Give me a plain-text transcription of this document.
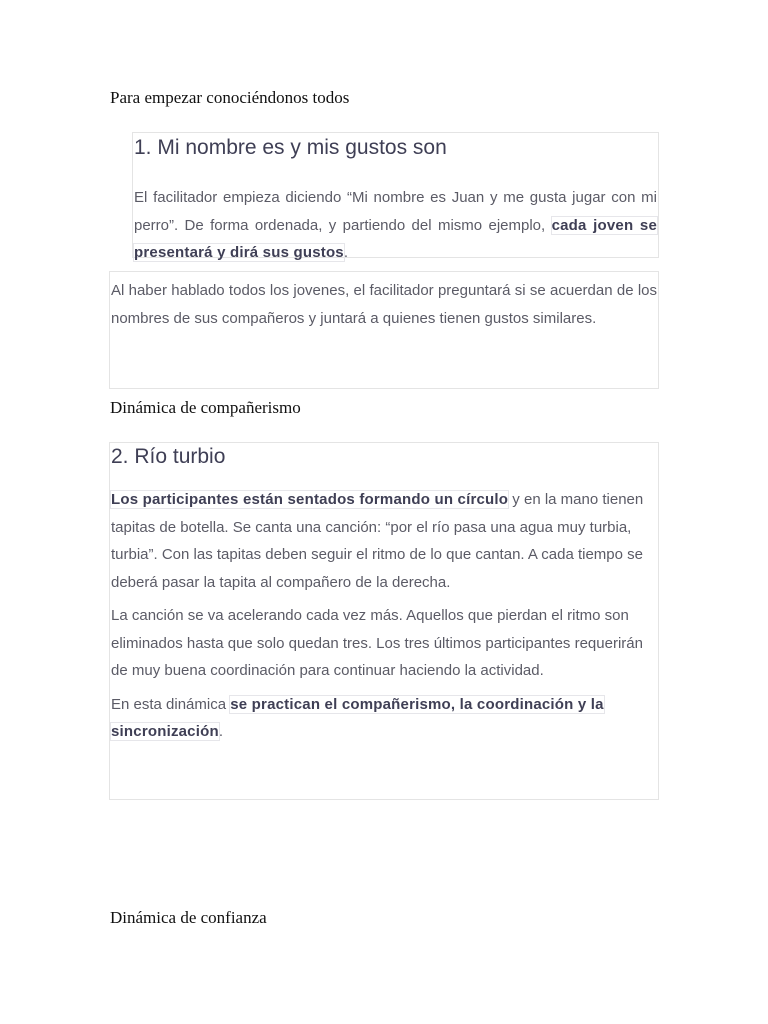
Para empezar conociéndonos todos

1. Mi nombre es y mis gustos son

El facilitador empieza diciendo “Mi nombre es Juan y me gusta jugar con mi perro”. De forma ordenada, y partiendo del mismo ejemplo, cada joven se presentará y dirá sus gustos.

Al haber hablado todos los jovenes, el facilitador preguntará si se acuerdan de los nombres de sus compañeros y juntará a quienes tienen gustos similares.

Dinámica de compañerismo

2. Río turbio

Los participantes están sentados formando un círculo y en la mano tienen tapitas de botella. Se canta una canción: “por el río pasa una agua muy turbia, turbia”. Con las tapitas deben seguir el ritmo de lo que cantan. A cada tiempo se deberá pasar la tapita al compañero de la derecha.

La canción se va acelerando cada vez más. Aquellos que pierdan el ritmo son eliminados hasta que solo quedan tres. Los tres últimos participantes requerirán de muy buena coordinación para continuar haciendo la actividad.

En esta dinámica se practican el compañerismo, la coordinación y la sincronización.

Dinámica de confianza
